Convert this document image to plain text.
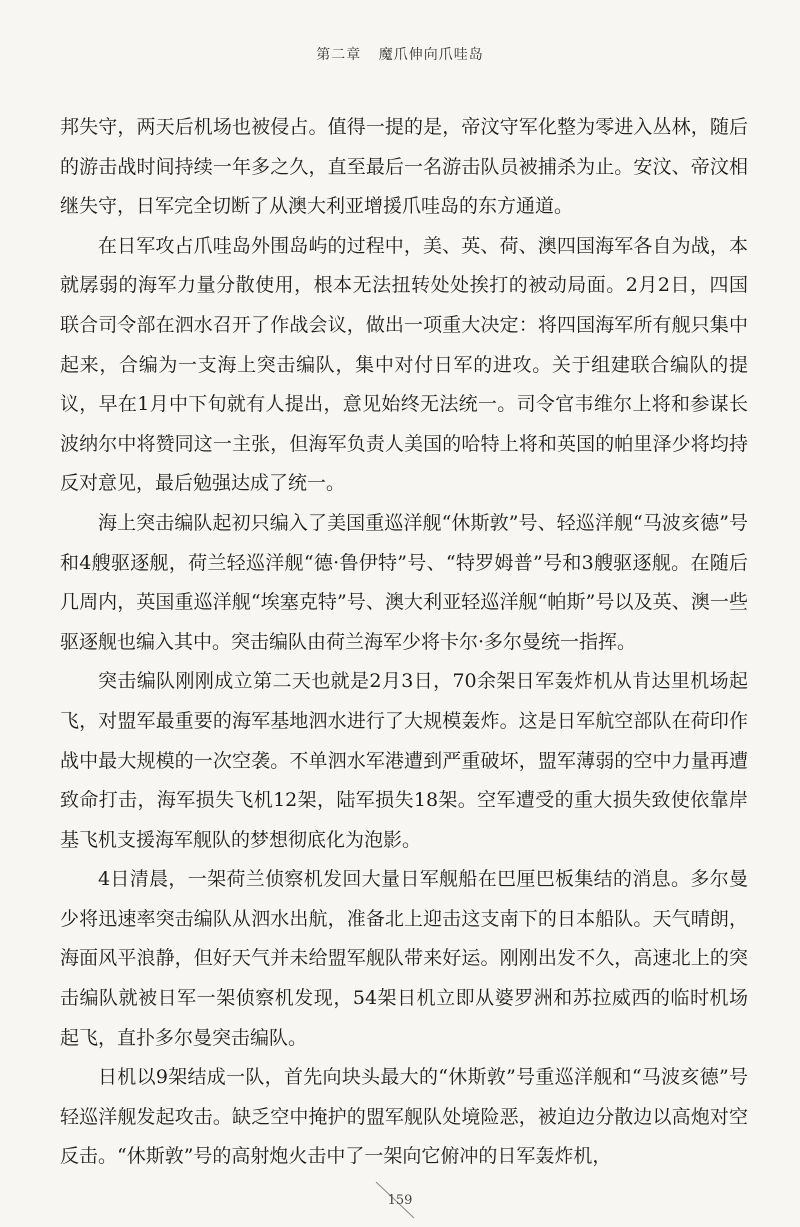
第二章 魔爪伸向爪哇岛

邦失守，两天后机场也被侵占。值得一提的是，帝汶守军化整为零进入丛林，随后的游击战时间持续一年多之久，直至最后一名游击队员被捕杀为止。安汶、帝汶相继失守，日军完全切断了从澳大利亚增援爪哇岛的东方通道。

在日军攻占爪哇岛外围岛屿的过程中，美、英、荷、澳四国海军各自为战，本就孱弱的海军力量分散使用，根本无法扭转处处挨打的被动局面。2月2日，四国联合司令部在泗水召开了作战会议，做出一项重大决定：将四国海军所有舰只集中起来，合编为一支海上突击编队，集中对付日军的进攻。关于组建联合编队的提议，早在1月中下旬就有人提出，意见始终无法统一。司令官韦维尔上将和参谋长波纳尔中将赞同这一主张，但海军负责人美国的哈特上将和英国的帕里泽少将均持反对意见，最后勉强达成了统一。

海上突击编队起初只编入了美国重巡洋舰“休斯敦”号、轻巡洋舰“马波亥德”号和4艘驱逐舰，荷兰轻巡洋舰“德·鲁伊特”号、“特罗姆普”号和3艘驱逐舰。在随后几周内，英国重巡洋舰“埃塞克特”号、澳大利亚轻巡洋舰“帕斯”号以及英、澳一些驱逐舰也编入其中。突击编队由荷兰海军少将卡尔·多尔曼统一指挥。

突击编队刚刚成立第二天也就是2月3日，70余架日军轰炸机从肯达里机场起飞，对盟军最重要的海军基地泗水进行了大规模轰炸。这是日军航空部队在荷印作战中最大规模的一次空袭。不单泗水军港遭到严重破坏，盟军薄弱的空中力量再遭致命打击，海军损失飞机12架，陆军损失18架。空军遭受的重大损失致使依靠岸基飞机支援海军舰队的梦想彻底化为泡影。

4日清晨，一架荷兰侦察机发回大量日军舰船在巴厘巴板集结的消息。多尔曼少将迅速率突击编队从泗水出航，准备北上迎击这支南下的日本船队。天气晴朗，海面风平浪静，但好天气并未给盟军舰队带来好运。刚刚出发不久，高速北上的突击编队就被日军一架侦察机发现，54架日机立即从婆罗洲和苏拉威西的临时机场起飞，直扑多尔曼突击编队。

日机以9架结成一队，首先向块头最大的“休斯敦”号重巡洋舰和“马波亥德”号轻巡洋舰发起攻击。缺乏空中掩护的盟军舰队处境险恶，被迫边分散边以高炮对空反击。“休斯敦”号的高射炮火击中了一架向它俯冲的日军轰炸机，

159
